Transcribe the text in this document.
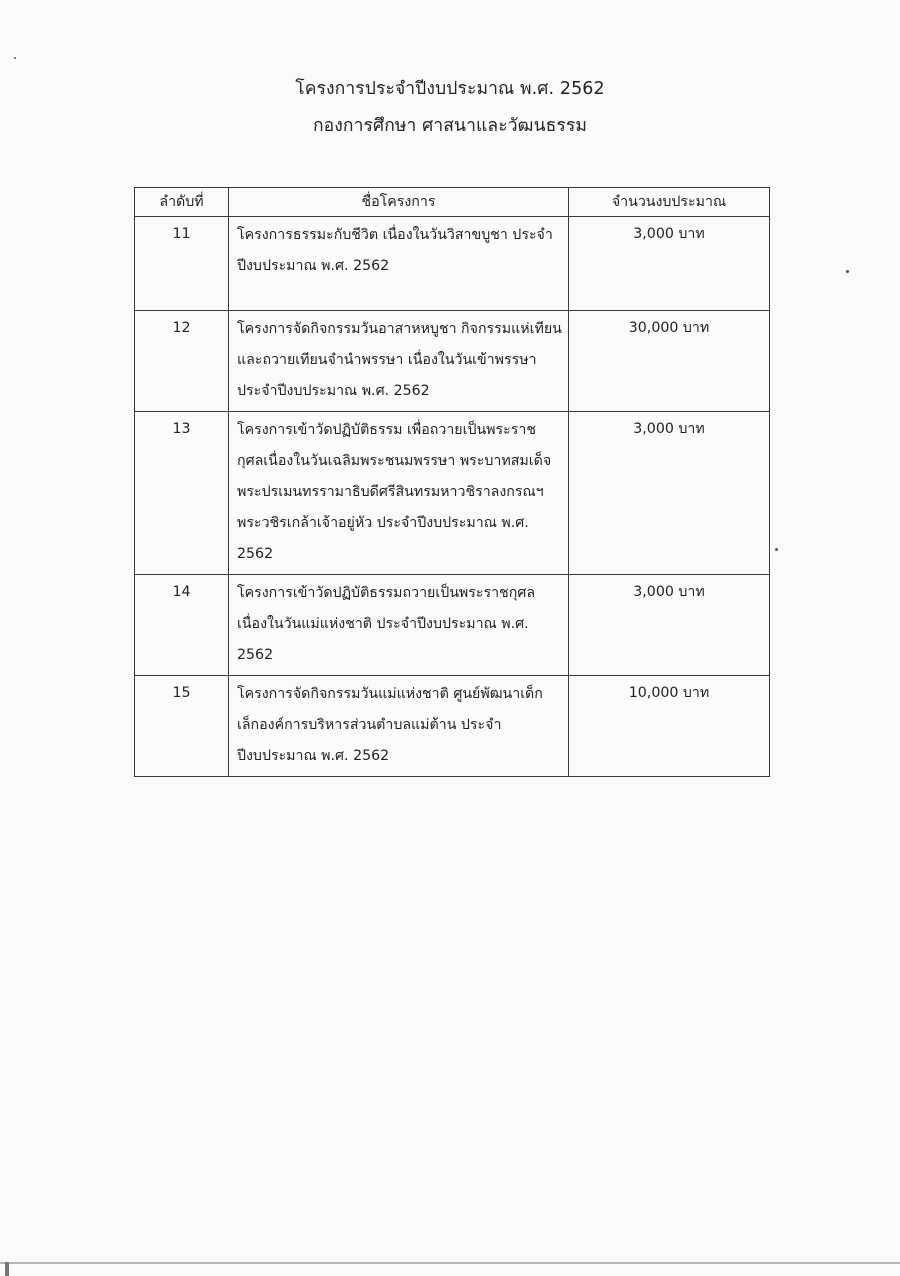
โครงการประจำปีงบประมาณ พ.ศ. 2562
กองการศึกษา ศาสนาและวัฒนธรรม
ลำดับที่	ชื่อโครงการ	จำนวนงบประมาณ
11	โครงการธรรมะกับชีวิต เนื่องในวันวิสาขบูชา ประจำปีงบประมาณ พ.ศ. 2562	3,000 บาท
12	โครงการจัดกิจกรรมวันอาสาหหบูชา กิจกรรมแห่เทียนและถวายเทียนจำนำพรรษา เนื่องในวันเข้าพรรษา ประจำปีงบประมาณ พ.ศ. 2562	30,000 บาท
13	โครงการเข้าวัดปฏิบัติธรรม เพื่อถวายเป็นพระราชกุศลเนื่องในวันเฉลิมพระชนมพรรษา พระบาทสมเด็จพระปรเมนทรรามาธิบดีศรีสินทรมหาวชิราลงกรณฯ พระวชิรเกล้าเจ้าอยู่หัว ประจำปีงบประมาณ พ.ศ. 2562	3,000 บาท
14	โครงการเข้าวัดปฏิบัติธรรมถวายเป็นพระราชกุศลเนื่องในวันแม่แห่งชาติ ประจำปีงบประมาณ พ.ศ. 2562	3,000 บาท
15	โครงการจัดกิจกรรมวันแม่แห่งชาติ ศูนย์พัฒนาเด็กเล็กองค์การบริหารส่วนตำบลแม่ต้าน ประจำปีงบประมาณ พ.ศ. 2562	10,000 บาท
